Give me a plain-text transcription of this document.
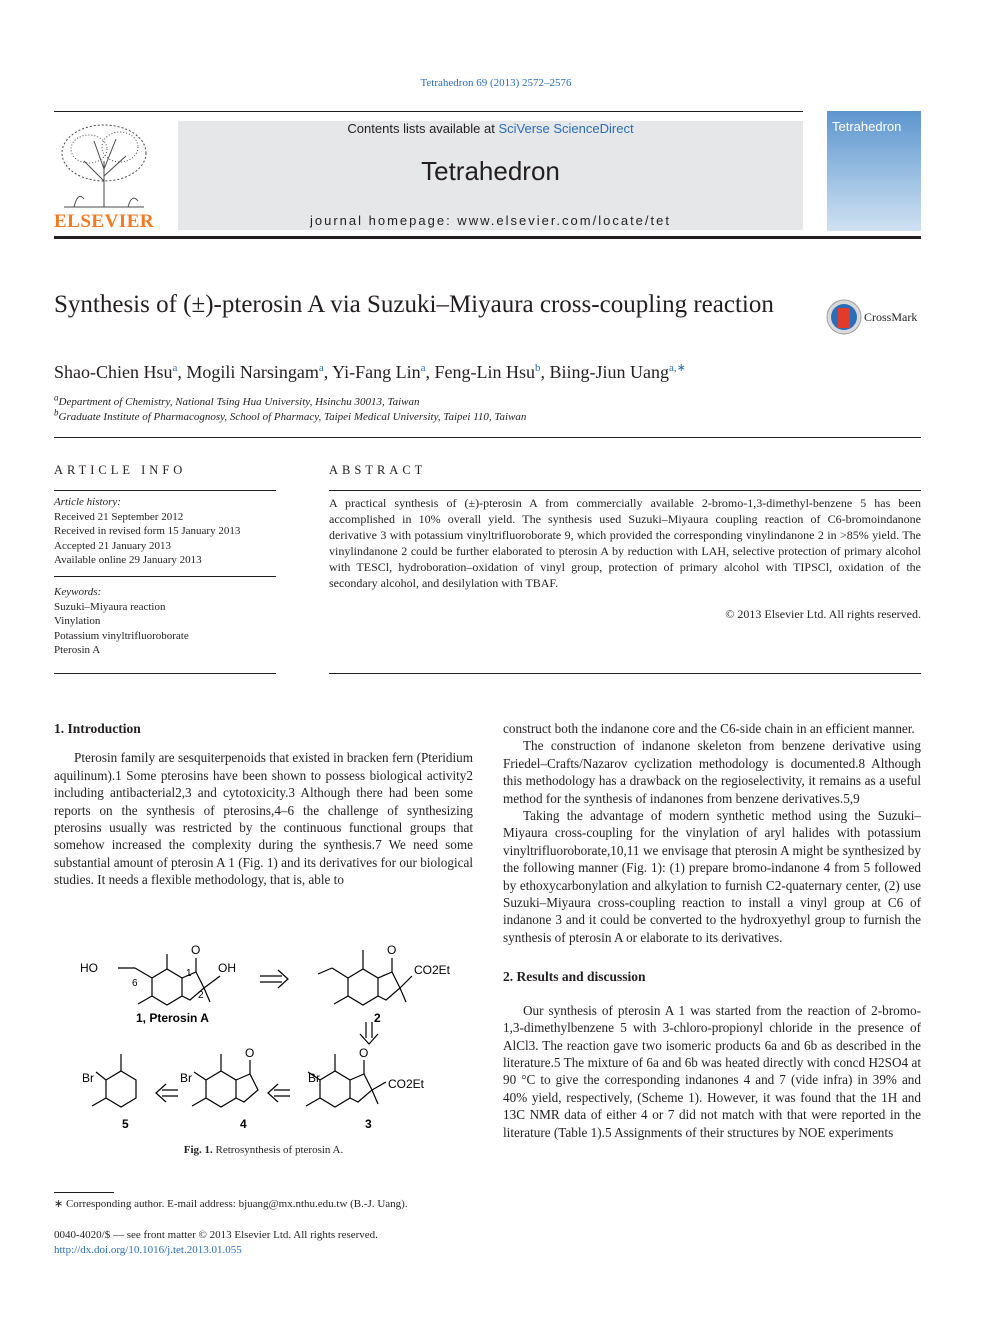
Tetrahedron 69 (2013) 2572–2576
ELSEVIER
Contents lists available at SciVerse ScienceDirect
Tetrahedron
journal homepage: www.elsevier.com/locate/tet
Tetrahedron
Synthesis of (±)-pterosin A via Suzuki–Miyaura cross-coupling reaction	CrossMark
Shao-Chien Hsu$^a$, Mogili Narsingam$^a$, Yi-Fang Lin$^a$, Feng-Lin Hsu$^b$, Biing-Jiun Uang$^{a,∗}$
$^a$Department of Chemistry, National Tsing Hua University, Hsinchu 30013, Taiwan
$^b$Graduate Institute of Pharmacognosy, School of Pharmacy, Taipei Medical University, Taipei 110, Taiwan
ARTICLE INFO	ABSTRACT
Article history:
Received 21 September 2012
Received in revised form 15 January 2013
Accepted 21 January 2013
Available online 29 January 2013
Keywords:
Suzuki–Miyaura reaction
Vinylation
Potassium vinyltrifluoroborate
Pterosin A
A practical synthesis of (±)-pterosin A from commercially available 2-bromo-1,3-dimethyl-benzene 5 has been accomplished in 10% overall yield. The synthesis used Suzuki–Miyaura coupling reaction of C6-bromoindanone derivative 3 with potassium vinyltrifluoroborate 9, which provided the corresponding vinylindanone 2 in >85% yield. The vinylindanone 2 could be further elaborated to pterosin A by reduction with LAH, selective protection of primary alcohol with TESCl, hydroboration–oxidation of vinyl group, protection of primary alcohol with TIPSCl, oxidation of the secondary alcohol, and desilylation with TBAF.
© 2013 Elsevier Ltd. All rights reserved.
1. Introduction

Pterosin family are sesquiterpenoids that existed in bracken fern (Pteridium aquilinum).1 Some pterosins have been shown to possess biological activity2 including antibacterial2,3 and cytotoxicity.3 Although there had been some reports on the synthesis of pterosins,4–6 the challenge of synthesizing pterosins usually was restricted by the continuous functional groups that somehow increased the complexity during the synthesis.7 We need some substantial amount of pterosin A 1 (Fig. 1) and its derivatives for our biological studies. It needs a flexible methodology, that is, able to

HO	OH
O
6
1
2
1, Pterosin A
O
CO2Et
2
O
CO2Et
Br
3
O
Br
4
Br
5
Fig. 1. Retrosynthesis of pterosin A.
∗ Corresponding author. E-mail address: bjuang@mx.nthu.edu.tw (B.-J. Uang).
0040-4020/$ — see front matter © 2013 Elsevier Ltd. All rights reserved.
http://dx.doi.org/10.1016/j.tet.2013.01.055

construct both the indanone core and the C6-side chain in an efficient manner.

The construction of indanone skeleton from benzene derivative using Friedel–Crafts/Nazarov cyclization methodology is documented.8 Although this methodology has a drawback on the regioselectivity, it remains as a useful method for the synthesis of indanones from benzene derivatives.5,9

Taking the advantage of modern synthetic method using the Suzuki–Miyaura cross-coupling for the vinylation of aryl halides with potassium vinyltrifluoroborate,10,11 we envisage that pterosin A might be synthesized by the following manner (Fig. 1): (1) prepare bromo-indanone 4 from 5 followed by ethoxycarbonylation and alkylation to furnish C2-quaternary center, (2) use Suzuki–Miyaura cross-coupling reaction to install a vinyl group at C6 of indanone 3 and it could be converted to the hydroxyethyl group to furnish the synthesis of pterosin A or elaborate to its derivatives.

2. Results and discussion

Our synthesis of pterosin A 1 was started from the reaction of 2-bromo-1,3-dimethylbenzene 5 with 3-chloro-propionyl chloride in the presence of AlCl3. The reaction gave two isomeric products 6a and 6b as described in the literature.5 The mixture of 6a and 6b was heated directly with concd H2SO4 at 90 °C to give the corresponding indanones 4 and 7 (vide infra) in 39% and 40% yield, respectively, (Scheme 1). However, it was found that the 1H and 13C NMR data of either 4 or 7 did not match with that were reported in the literature (Table 1).5 Assignments of their structures by NOE experiments
